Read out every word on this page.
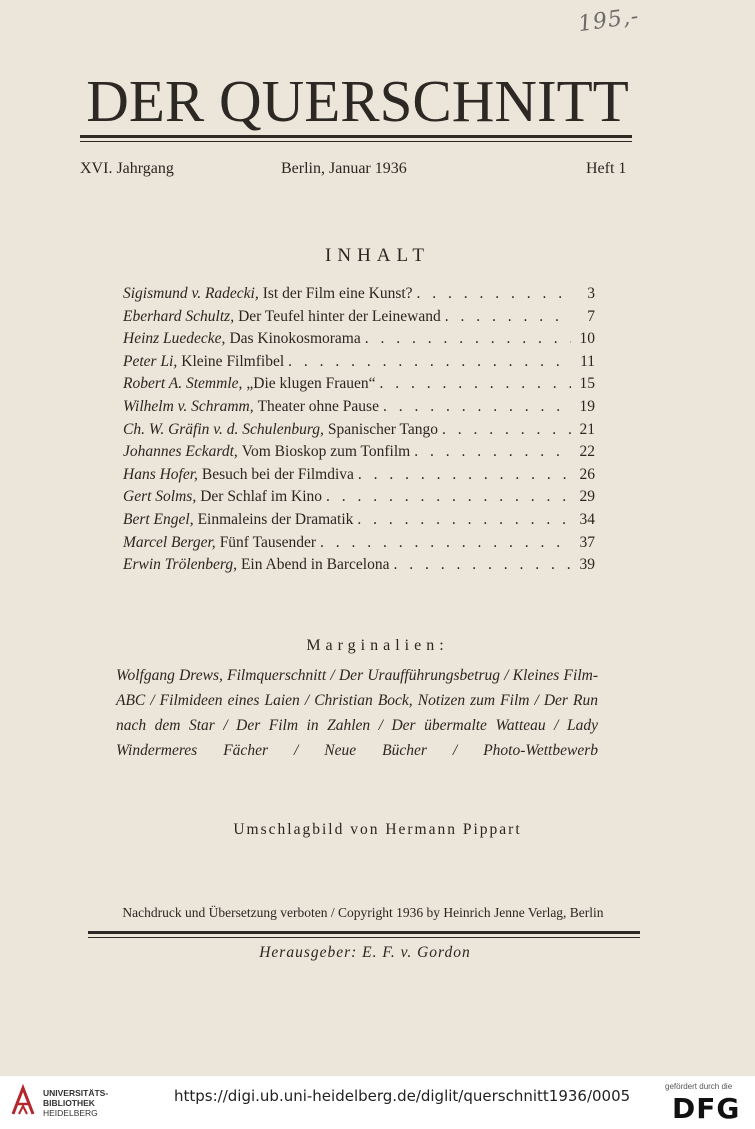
195,-
DER QUERSCHNITT
XVI. Jahrgang	Berlin, Januar 1936	Heft 1
INHALT
Sigismund v. Radecki, Ist der Film eine Kunst? . . .	3
Eberhard Schultz, Der Teufel hinter der Leinewand . . .	7
Heinz Luedecke, Das Kinokosmorama . . .	10
Peter Li, Kleine Filmfibel . . .	11
Robert A. Stemmle, „Die klugen Frauen“ . . .	15
Wilhelm v. Schramm, Theater ohne Pause . . .	19
Ch. W. Gräfin v. d. Schulenburg, Spanischer Tango . . .	21
Johannes Eckardt, Vom Bioskop zum Tonfilm . . .	22
Hans Hofer, Besuch bei der Filmdiva . . .	26
Gert Solms, Der Schlaf im Kino . . .	29
Bert Engel, Einmaleins der Dramatik . . .	34
Marcel Berger, Fünf Tausender . . .	37
Erwin Trölenberg, Ein Abend in Barcelona . . .	39
Marginalien:
Wolfgang Drews, Filmquerschnitt / Der Uraufführungsbetrug / Kleines Film-ABC / Filmideen eines Laien / Christian Bock, Notizen zum Film / Der Run nach dem Star / Der Film in Zahlen / Der übermalte Watteau / Lady Windermeres Fächer / Neue Bücher / Photo-Wettbewerb
Umschlagbild von Hermann Pippart
Nachdruck und Übersetzung verboten / Copyright 1936 by Heinrich Jenne Verlag, Berlin
Herausgeber: E. F. v. Gordon
UNIVERSITÄTS-
BIBLIOTHEK
HEIDELBERG
https://digi.ub.uni-heidelberg.de/diglit/querschnitt1936/0005
gefördert durch die
DFG
